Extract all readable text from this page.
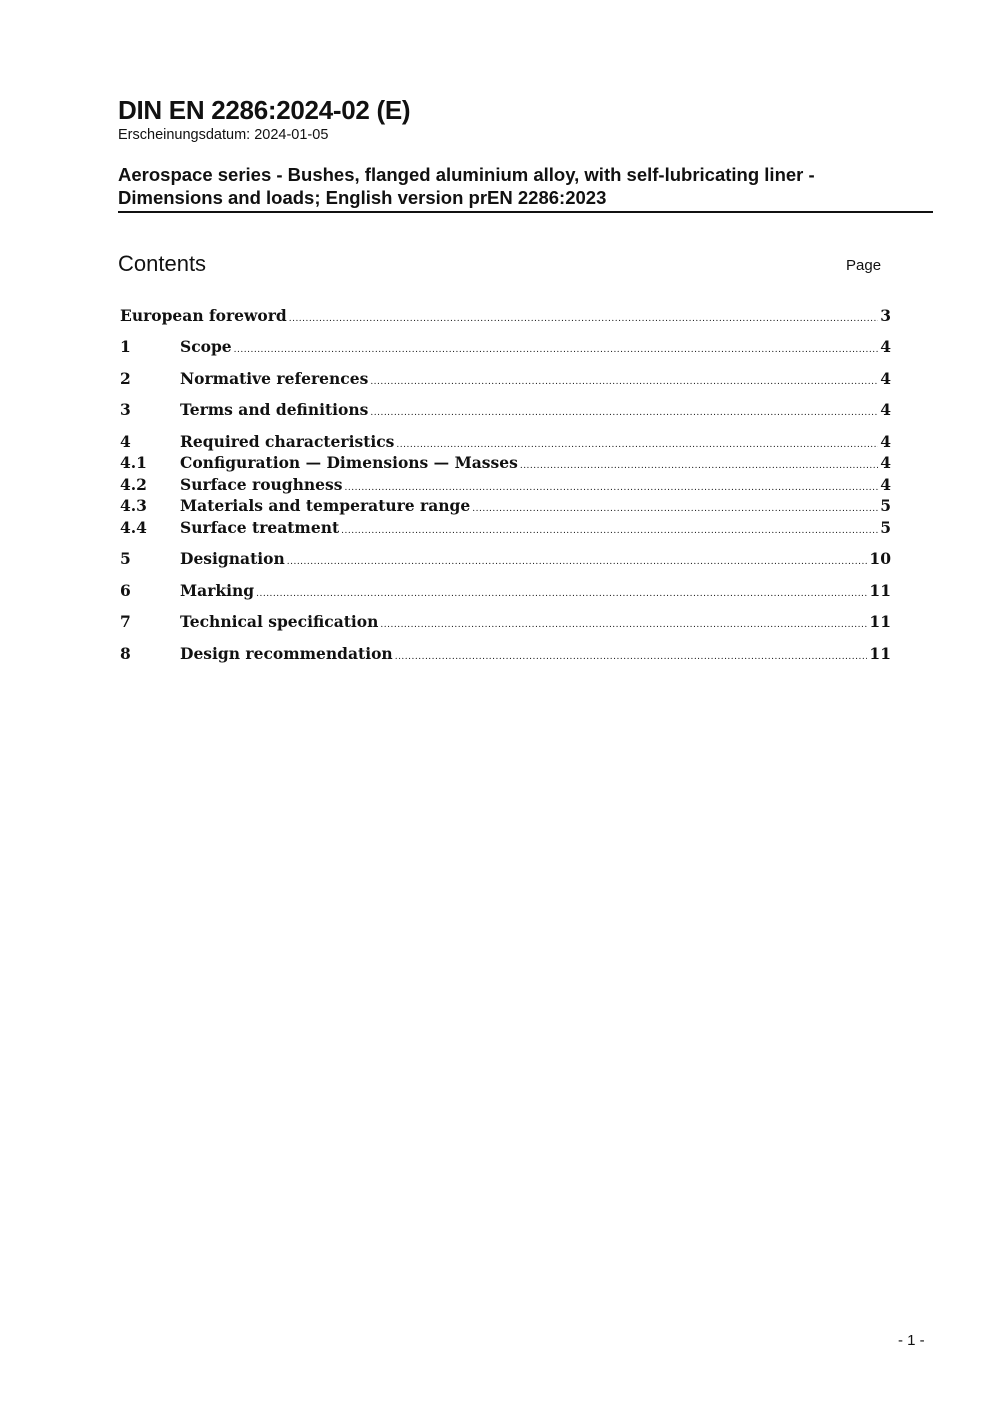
DIN EN 2286:2024-02 (E)
Erscheinungsdatum: 2024-01-05
Aerospace series - Bushes, flanged aluminium alloy, with self-lubricating liner -
Dimensions and loads; English version prEN 2286:2023
Contents	Page
European foreword .....	3
1	Scope .....	4
2	Normative references .....	4
3	Terms and definitions .....	4
4	Required characteristics .....	4
4.1	Configuration — Dimensions — Masses .....	4
4.2	Surface roughness .....	4
4.3	Materials and temperature range .....	5
4.4	Surface treatment .....	5
5	Designation .....	10
6	Marking .....	11
7	Technical specification .....	11
8	Design recommendation .....	11
- 1 -
